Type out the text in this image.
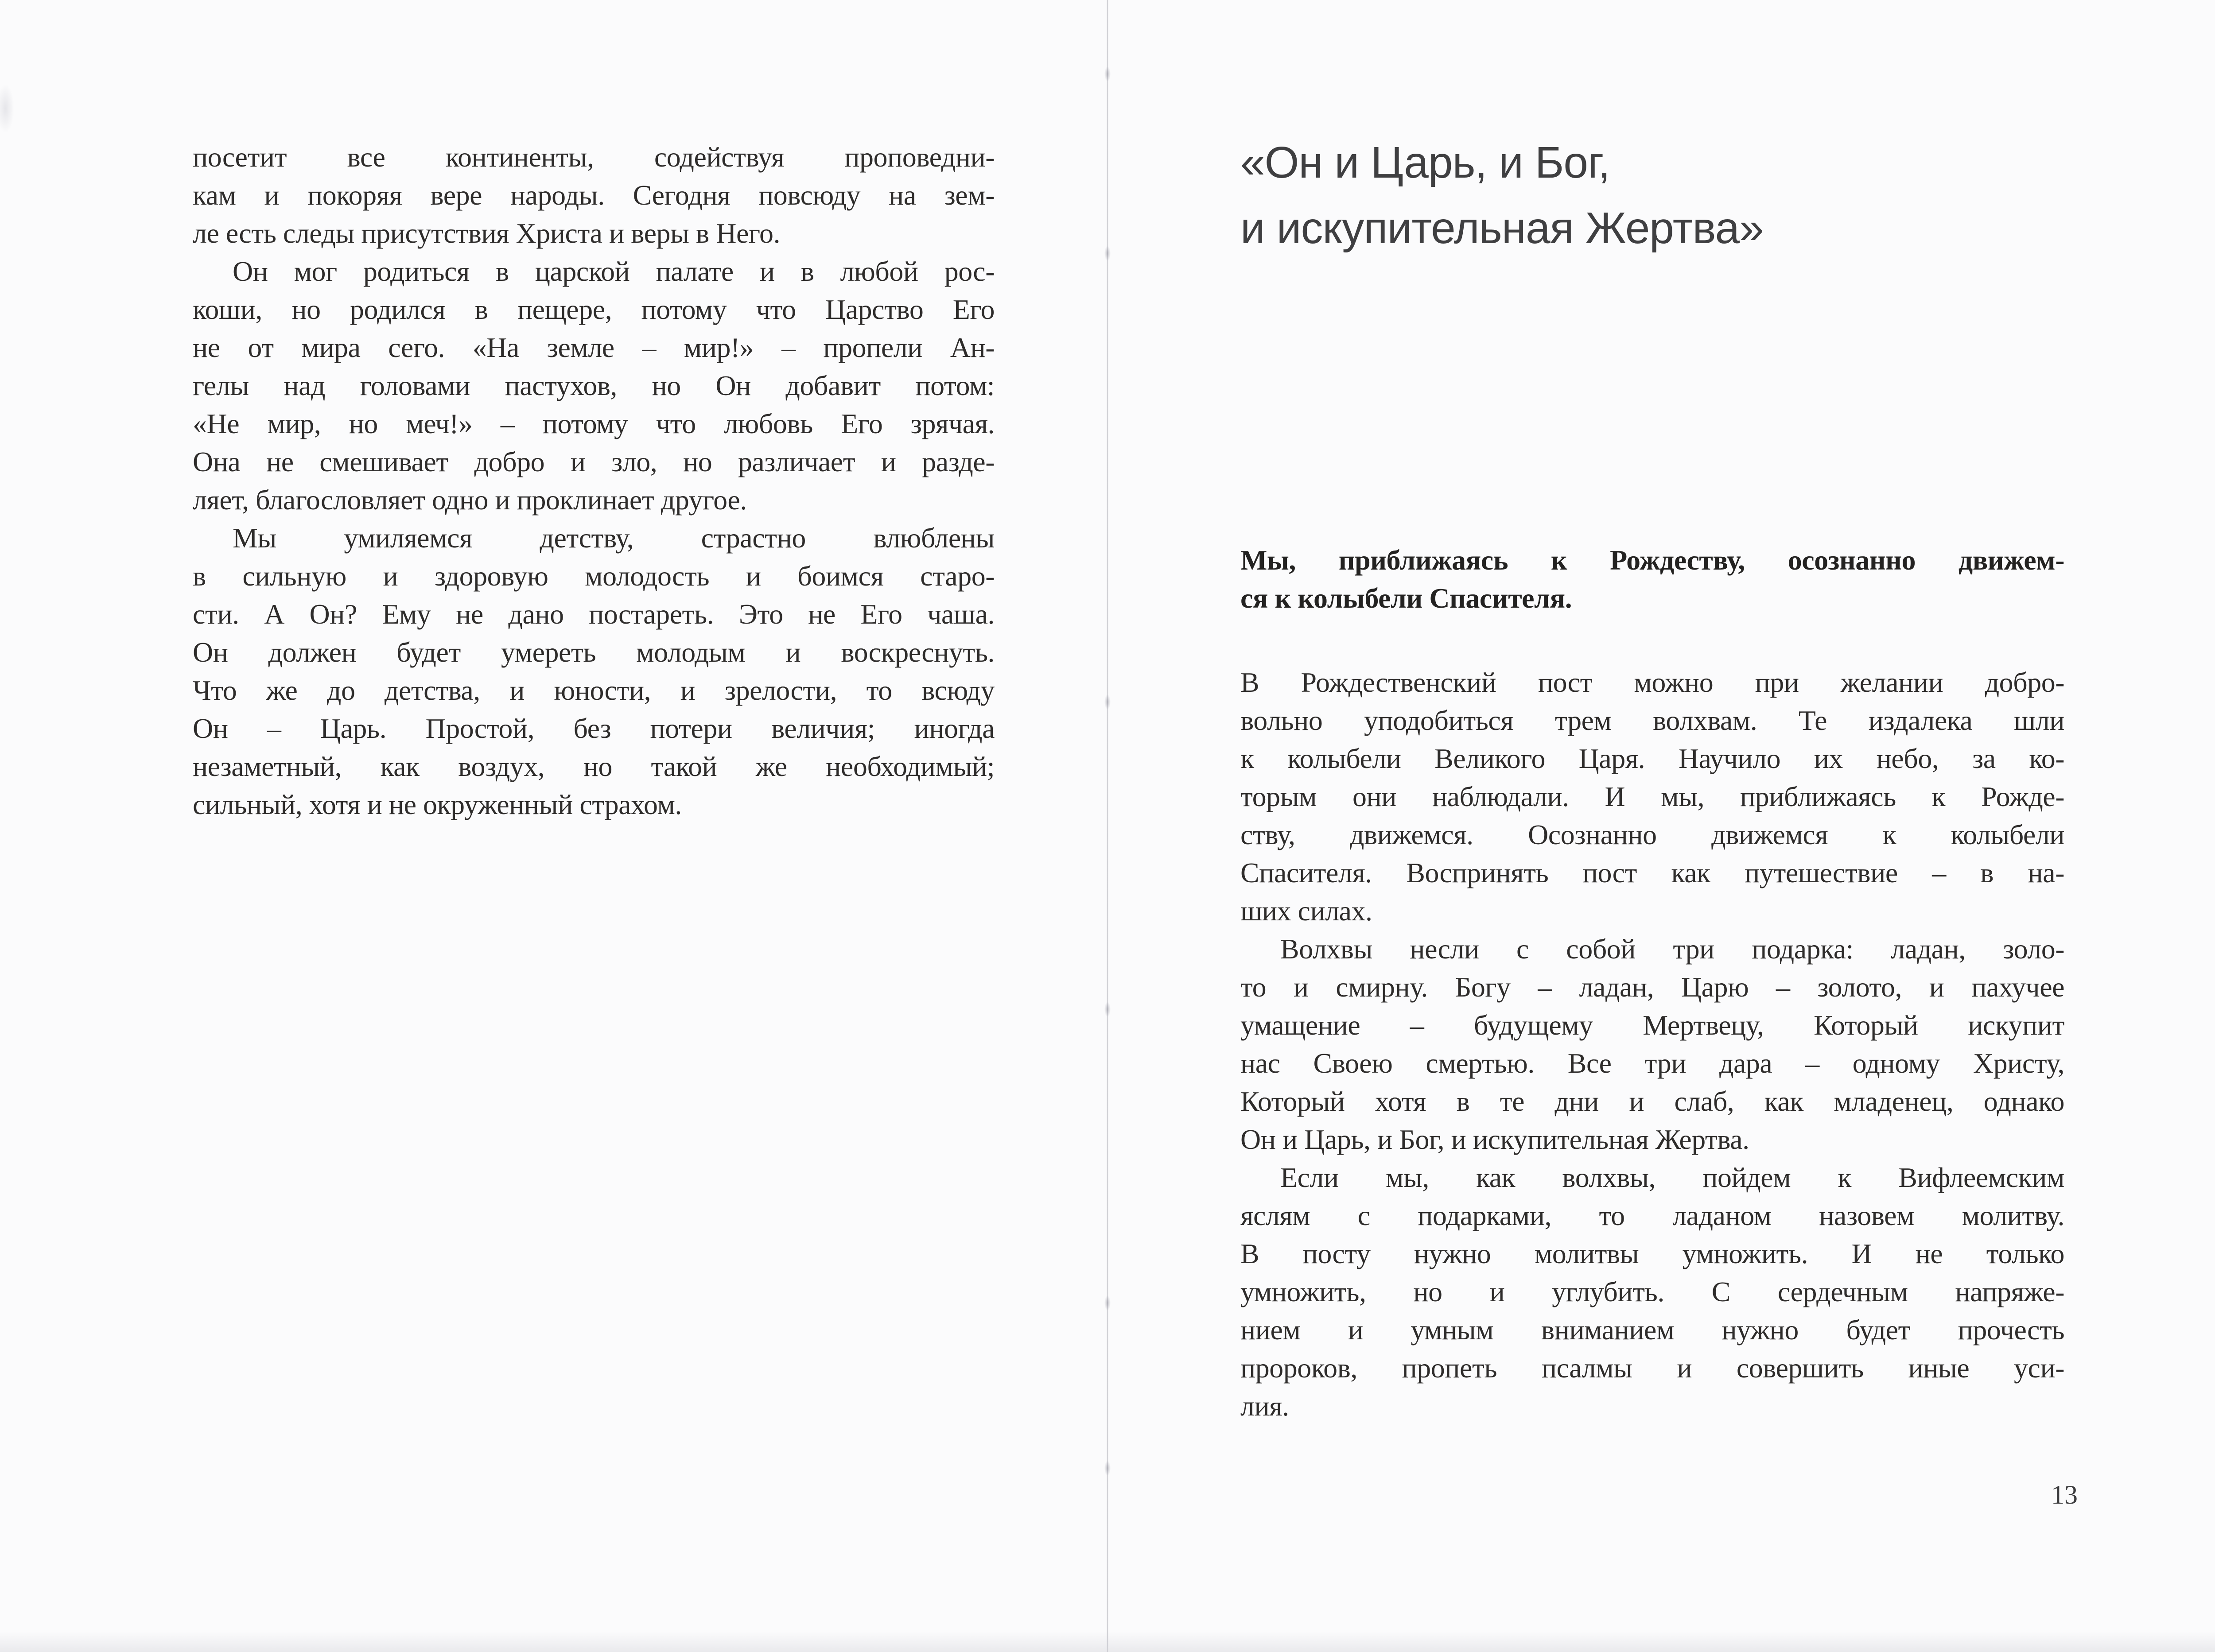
посетит все континенты, содействуя проповедни-
кам и покоряя вере народы. Сегодня повсюду на зем-
ле есть следы присутствия Христа и веры в Него.
Он мог родиться в царской палате и в любой рос-
коши, но родился в пещере, потому что Царство Его
не от мира сего. «На земле – мир!» – пропели Ан-
гелы над головами пастухов, но Он добавит потом:
«Не мир, но меч!» – потому что любовь Его зрячая.
Она не смешивает добро и зло, но различает и разде-
ляет, благословляет одно и проклинает другое.
Мы умиляемся детству, страстно влюблены
в сильную и здоровую молодость и боимся старо-
сти. А Он? Ему не дано постареть. Это не Его чаша.
Он должен будет умереть молодым и воскреснуть.
Что же до детства, и юности, и зрелости, то всюду
Он – Царь. Простой, без потери величия; иногда
незаметный, как воздух, но такой же необходимый;
сильный, хотя и не окруженный страхом.
«Он и Царь, и Бог,
и искупительная Жертва»
Мы, приближаясь к Рождеству, осознанно движем-
ся к колыбели Спасителя.
В Рождественский пост можно при желании добро-
вольно уподобиться трем волхвам. Те издалека шли
к колыбели Великого Царя. Научило их небо, за ко-
торым они наблюдали. И мы, приближаясь к Рожде-
ству, движемся. Осознанно движемся к колыбели
Спасителя. Воспринять пост как путешествие – в на-
ших силах.
Волхвы несли с собой три подарка: ладан, золо-
то и смирну. Богу – ладан, Царю – золото, и пахучее
умащение – будущему Мертвецу, Который искупит
нас Своею смертью. Все три дара – одному Христу,
Который хотя в те дни и слаб, как младенец, однако
Он и Царь, и Бог, и искупительная Жертва.
Если мы, как волхвы, пойдем к Вифлеемским
яслям с подарками, то ладаном назовем молитву.
В посту нужно молитвы умножить. И не только
умножить, но и углубить. С сердечным напряже-
нием и умным вниманием нужно будет прочесть
пророков, пропеть псалмы и совершить иные уси-
лия.
13
